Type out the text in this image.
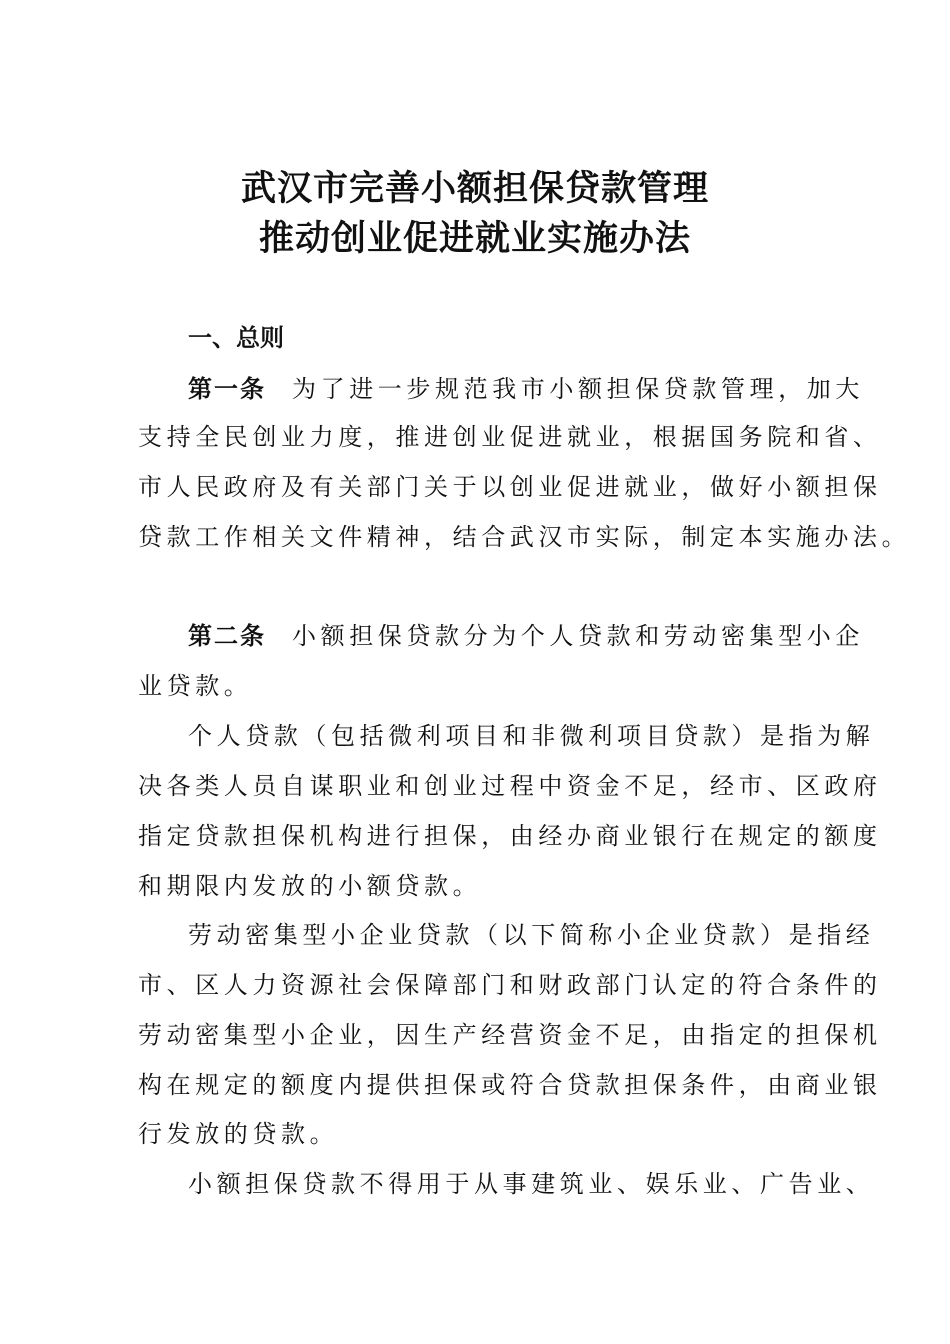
武汉市完善小额担保贷款管理
推动创业促进就业实施办法
一、总则
第一条 为了进一步规范我市小额担保贷款管理，加大
支持全民创业力度，推进创业促进就业，根据国务院和省、
市人民政府及有关部门关于以创业促进就业，做好小额担保
贷款工作相关文件精神，结合武汉市实际，制定本实施办法。
第二条 小额担保贷款分为个人贷款和劳动密集型小企
业贷款。
个人贷款（包括微利项目和非微利项目贷款）是指为解
决各类人员自谋职业和创业过程中资金不足，经市、区政府
指定贷款担保机构进行担保，由经办商业银行在规定的额度
和期限内发放的小额贷款。
劳动密集型小企业贷款（以下简称小企业贷款）是指经
市、区人力资源社会保障部门和财政部门认定的符合条件的
劳动密集型小企业，因生产经营资金不足，由指定的担保机
构在规定的额度内提供担保或符合贷款担保条件，由商业银
行发放的贷款。
小额担保贷款不得用于从事建筑业、娱乐业、广告业、
